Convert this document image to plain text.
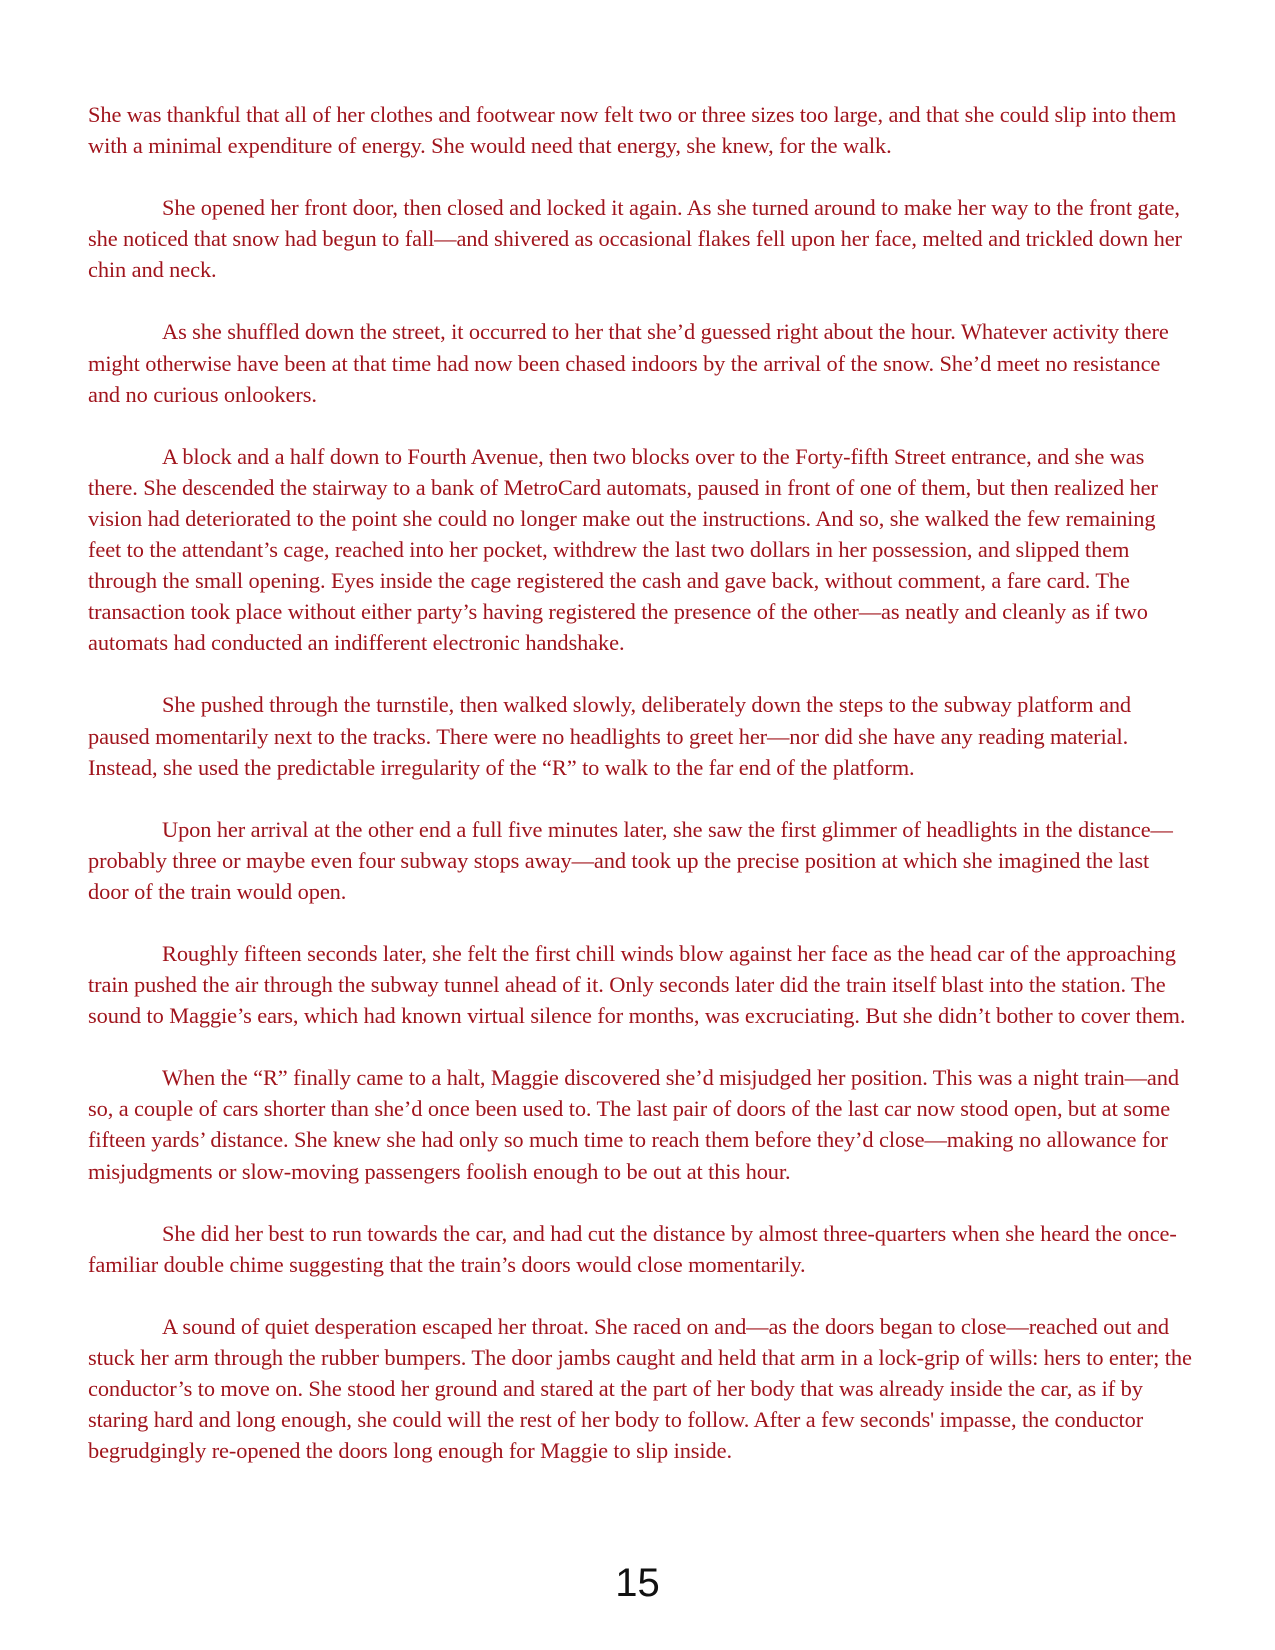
She was thankful that all of her clothes and footwear now felt two or three sizes too large, and that she could slip into them with a minimal expenditure of energy. She would need that energy, she knew, for the walk.

She opened her front door, then closed and locked it again. As she turned around to make her way to the front gate, she noticed that snow had begun to fall—and shivered as occasional flakes fell upon her face, melted and trickled down her chin and neck.

As she shuffled down the street, it occurred to her that she’d guessed right about the hour. Whatever activity there might otherwise have been at that time had now been chased indoors by the arrival of the snow. She’d meet no resistance and no curious onlookers.

A block and a half down to Fourth Avenue, then two blocks over to the Forty-fifth Street entrance, and she was there. She descended the stairway to a bank of MetroCard automats, paused in front of one of them, but then realized her vision had deteriorated to the point she could no longer make out the instructions. And so, she walked the few remaining feet to the attendant’s cage, reached into her pocket, withdrew the last two dollars in her possession, and slipped them through the small opening. Eyes inside the cage registered the cash and gave back, without comment, a fare card. The transaction took place without either party’s having registered the presence of the other—as neatly and cleanly as if two automats had conducted an indifferent electronic handshake.

She pushed through the turnstile, then walked slowly, deliberately down the steps to the subway platform and paused momentarily next to the tracks. There were no headlights to greet her—nor did she have any reading material. Instead, she used the predictable irregularity of the “R” to walk to the far end of the platform.

Upon her arrival at the other end a full five minutes later, she saw the first glimmer of headlights in the distance—probably three or maybe even four subway stops away—and took up the precise position at which she imagined the last door of the train would open.

Roughly fifteen seconds later, she felt the first chill winds blow against her face as the head car of the approaching train pushed the air through the subway tunnel ahead of it. Only seconds later did the train itself blast into the station. The sound to Maggie’s ears, which had known virtual silence for months, was excruciating. But she didn’t bother to cover them.

When the “R” finally came to a halt, Maggie discovered she’d misjudged her position. This was a night train—and so, a couple of cars shorter than she’d once been used to. The last pair of doors of the last car now stood open, but at some fifteen yards’ distance. She knew she had only so much time to reach them before they’d close—making no allowance for misjudgments or slow-moving passengers foolish enough to be out at this hour.

She did her best to run towards the car, and had cut the distance by almost three-quarters when she heard the once-familiar double chime suggesting that the train’s doors would close momentarily.

A sound of quiet desperation escaped her throat. She raced on and—as the doors began to close—reached out and stuck her arm through the rubber bumpers. The door jambs caught and held that arm in a lock-grip of wills: hers to enter; the conductor’s to move on. She stood her ground and stared at the part of her body that was already inside the car, as if by staring hard and long enough, she could will the rest of her body to follow. After a few seconds' impasse, the conductor begrudgingly re-opened the doors long enough for Maggie to slip inside.

15
